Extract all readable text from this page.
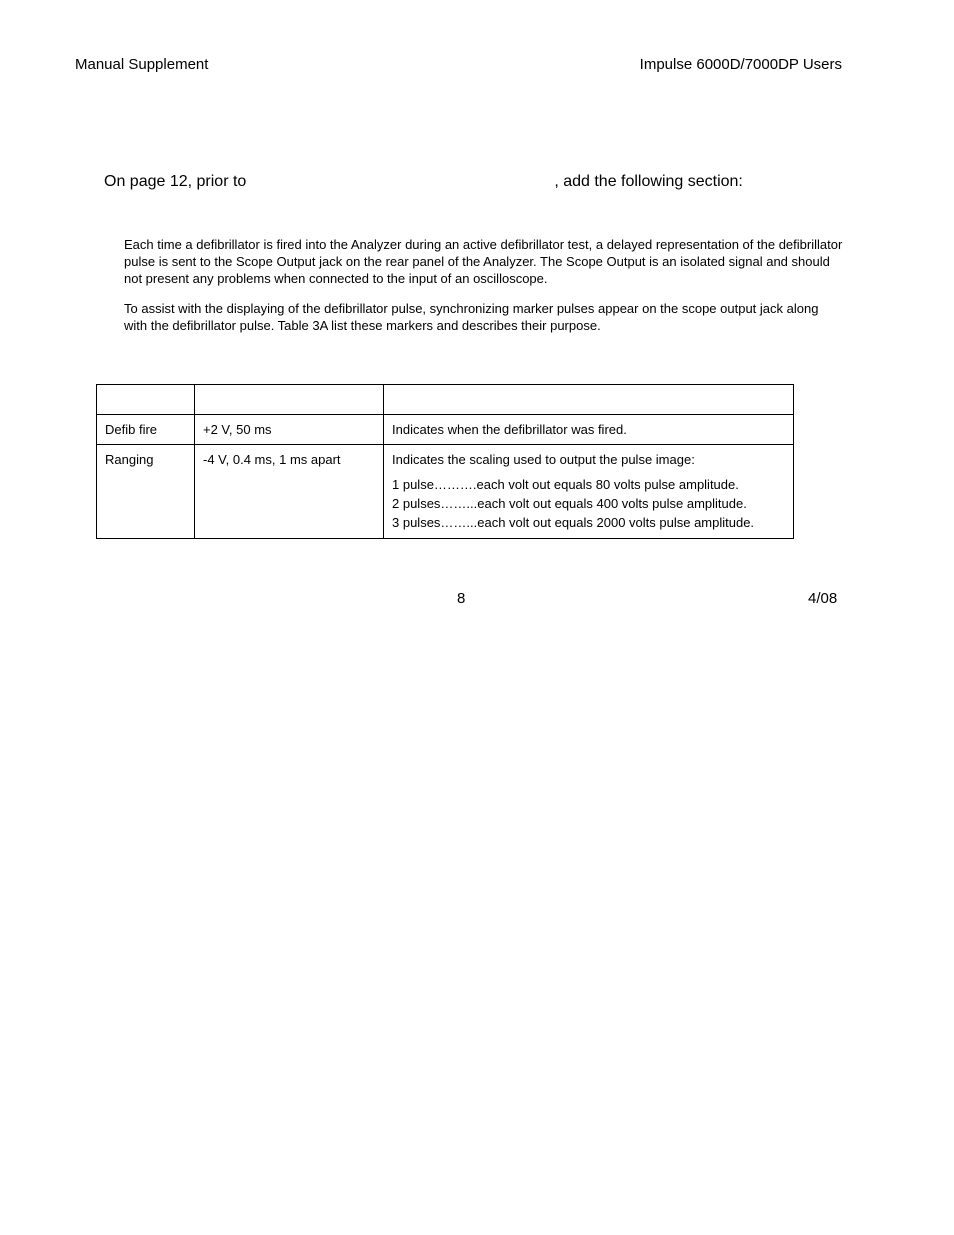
Manual Supplement	Impulse 6000D/7000DP Users
On page 12, prior to	, add the following section:
Each time a defibrillator is fired into the Analyzer during an active defibrillator test, a delayed representation of the defibrillator pulse is sent to the Scope Output jack on the rear panel of the Analyzer. The Scope Output is an isolated signal and should not present any problems when connected to the input of an oscilloscope.
To assist with the displaying of the defibrillator pulse, synchronizing marker pulses appear on the scope output jack along with the defibrillator pulse. Table 3A list these markers and describes their purpose.

Defib fire	+2 V, 50 ms	Indicates when the defibrillator was fired.

Ranging	-4 V, 0.4 ms, 1 ms apart	Indicates the scaling used to output the pulse image:
1 pulse……….each volt out equals 80 volts pulse amplitude.
2 pulses……...each volt out equals 400 volts pulse amplitude.
3 pulses……...each volt out equals 2000 volts pulse amplitude.
8	4/08
